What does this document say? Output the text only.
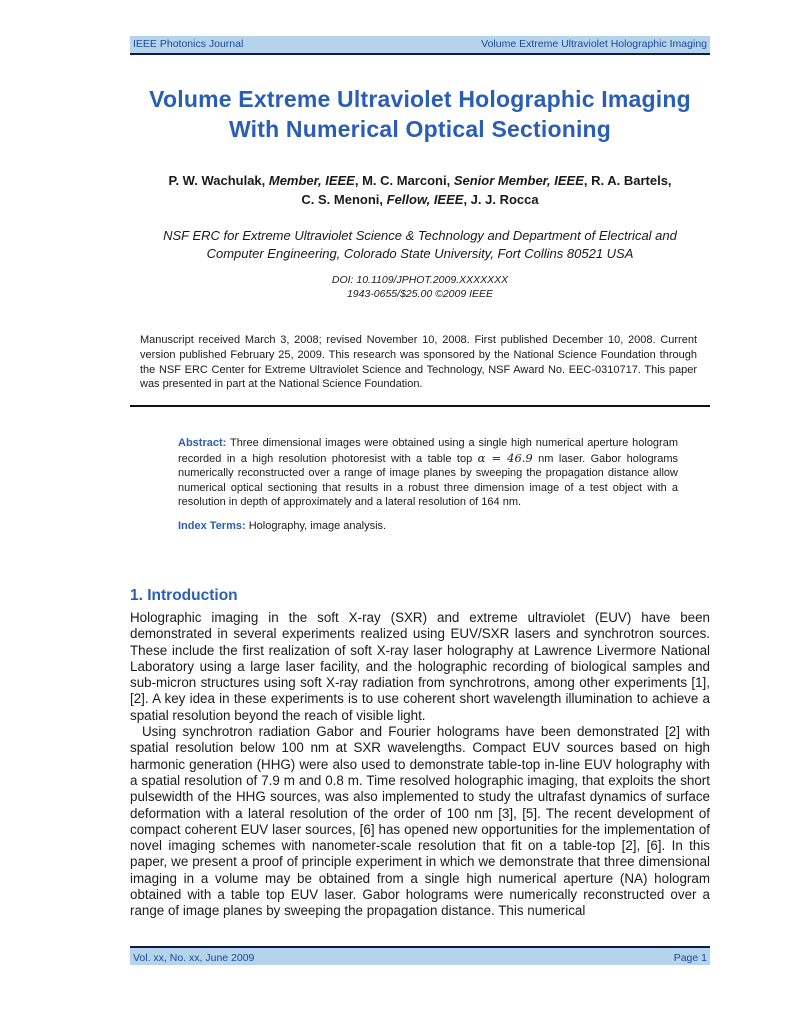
IEEE Photonics Journal	Volume Extreme Ultraviolet Holographic Imaging
Volume Extreme Ultraviolet Holographic Imaging
With Numerical Optical Sectioning
P. W. Wachulak, Member, IEEE, M. C. Marconi, Senior Member, IEEE, R. A. Bartels,
C. S. Menoni, Fellow, IEEE, J. J. Rocca
NSF ERC for Extreme Ultraviolet Science & Technology and Department of Electrical and Computer Engineering, Colorado State University, Fort Collins 80521 USA
DOI: 10.1109/JPHOT.2009.XXXXXXX
1943-0655/$25.00 ©2009 IEEE
Manuscript received March 3, 2008; revised November 10, 2008. First published December 10, 2008. Current version published February 25, 2009. This research was sponsored by the National Science Foundation through the NSF ERC Center for Extreme Ultraviolet Science and Technology, NSF Award No. EEC-0310717. This paper was presented in part at the National Science Foundation.
Abstract: Three dimensional images were obtained using a single high numerical aperture hologram recorded in a high resolution photoresist with a table top α = 46.9 nm laser. Gabor holograms numerically reconstructed over a range of image planes by sweeping the propagation distance allow numerical optical sectioning that results in a robust three dimension image of a test object with a resolution in depth of approximately and a lateral resolution of 164 nm.
Index Terms: Holography, image analysis.
1. Introduction

Holographic imaging in the soft X-ray (SXR) and extreme ultraviolet (EUV) have been demonstrated in several experiments realized using EUV/SXR lasers and synchrotron sources. These include the first realization of soft X-ray laser holography at Lawrence Livermore National Laboratory using a large laser facility, and the holographic recording of biological samples and sub-micron structures using soft X-ray radiation from synchrotrons, among other experiments [1], [2]. A key idea in these experiments is to use coherent short wavelength illumination to achieve a spatial resolution beyond the reach of visible light.

Using synchrotron radiation Gabor and Fourier holograms have been demonstrated [2] with spatial resolution below 100 nm at SXR wavelengths. Compact EUV sources based on high harmonic generation (HHG) were also used to demonstrate table-top in-line EUV holography with a spatial resolution of 7.9 m and 0.8 m. Time resolved holographic imaging, that exploits the short pulsewidth of the HHG sources, was also implemented to study the ultrafast dynamics of surface deformation with a lateral resolution of the order of 100 nm [3], [5]. The recent development of compact coherent EUV laser sources, [6] has opened new opportunities for the implementation of novel imaging schemes with nanometer-scale resolution that fit on a table-top [2], [6]. In this paper, we present a proof of principle experiment in which we demonstrate that three dimensional imaging in a volume may be obtained from a single high numerical aperture (NA) hologram obtained with a table top EUV laser. Gabor holograms were numerically reconstructed over a range of image planes by sweeping the propagation distance. This numerical

Vol. xx, No. xx, June 2009	Page 1
